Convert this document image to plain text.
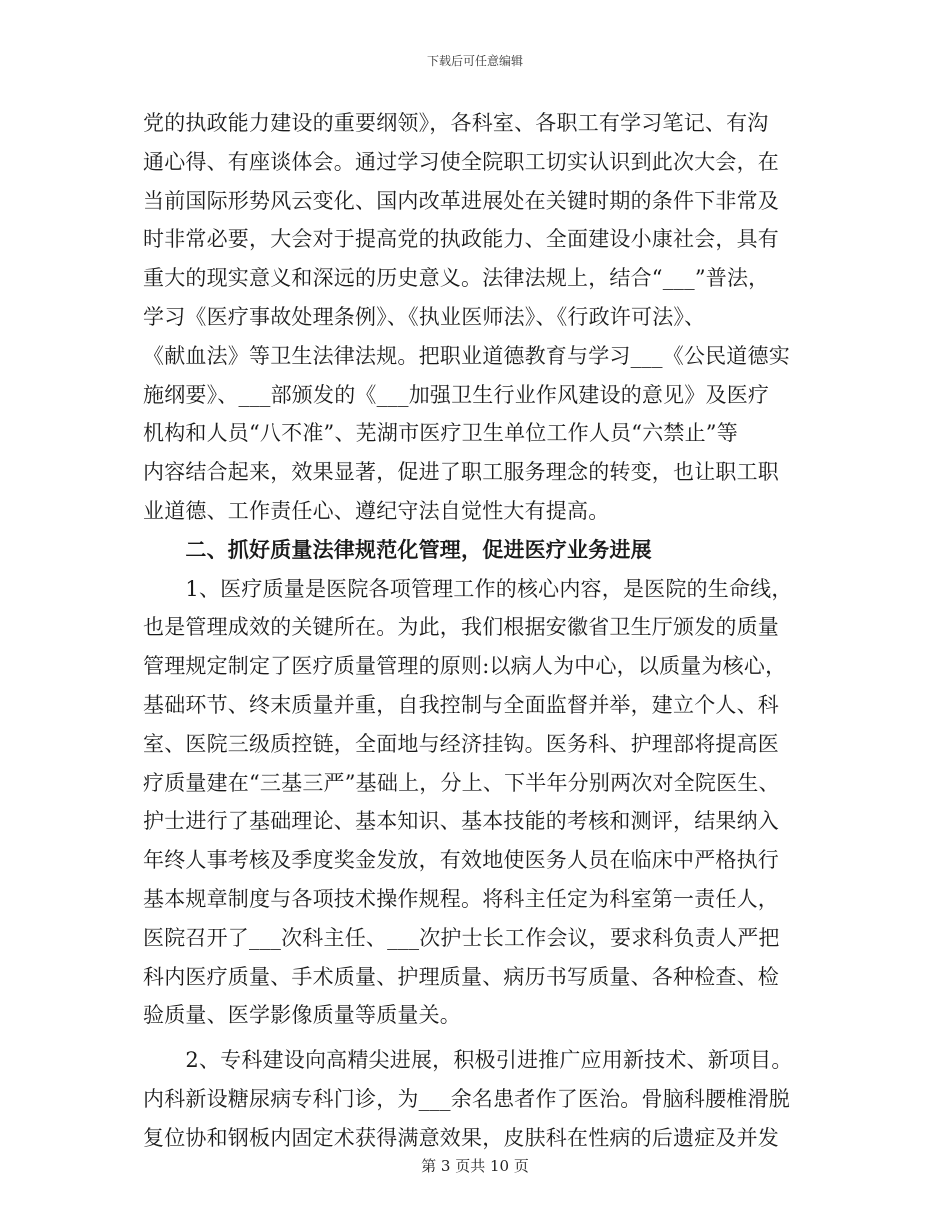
下载后可任意编辑
党的执政能力建设的重要纲领》，各科室、各职工有学习笔记、有沟
通心得、有座谈体会。通过学习使全院职工切实认识到此次大会，在
当前国际形势风云变化、国内改革进展处在关键时期的条件下非常及
时非常必要，大会对于提高党的执政能力、全面建设小康社会，具有
重大的现实意义和深远的历史意义。法律法规上，结合“___”普法，
学习《医疗事故处理条例》、《执业医师法》、《行政许可法》、
《献血法》等卫生法律法规。把职业道德教育与学习___《公民道德实
施纲要》、___部颁发的《___加强卫生行业作风建设的意见》及医疗
机构和人员“八不准”、芜湖市医疗卫生单位工作人员“六禁止”等
内容结合起来，效果显著，促进了职工服务理念的转变，也让职工职
业道德、工作责任心、遵纪守法自觉性大有提高。
　　二、抓好质量法律规范化管理，促进医疗业务进展
　　1、医疗质量是医院各项管理工作的核心内容，是医院的生命线，
也是管理成效的关键所在。为此，我们根据安徽省卫生厅颁发的质量
管理规定制定了医疗质量管理的原则:以病人为中心，以质量为核心，
基础环节、终末质量并重，自我控制与全面监督并举，建立个人、科
室、医院三级质控链，全面地与经济挂钩。医务科、护理部将提高医
疗质量建在“三基三严”基础上，分上、下半年分别两次对全院医生、
护士进行了基础理论、基本知识、基本技能的考核和测评，结果纳入
年终人事考核及季度奖金发放，有效地使医务人员在临床中严格执行
基本规章制度与各项技术操作规程。将科主任定为科室第一责任人，
医院召开了___次科主任、___次护士长工作会议，要求科负责人严把
科内医疗质量、手术质量、护理质量、病历书写质量、各种检查、检
验质量、医学影像质量等质量关。
　　2、专科建设向高精尖进展，积极引进推广应用新技术、新项目。
内科新设糖尿病专科门诊，为___余名患者作了医治。骨脑科腰椎滑脱
复位协和钢板内固定术获得满意效果，皮肤科在性病的后遗症及并发
第 3 页共 10 页
